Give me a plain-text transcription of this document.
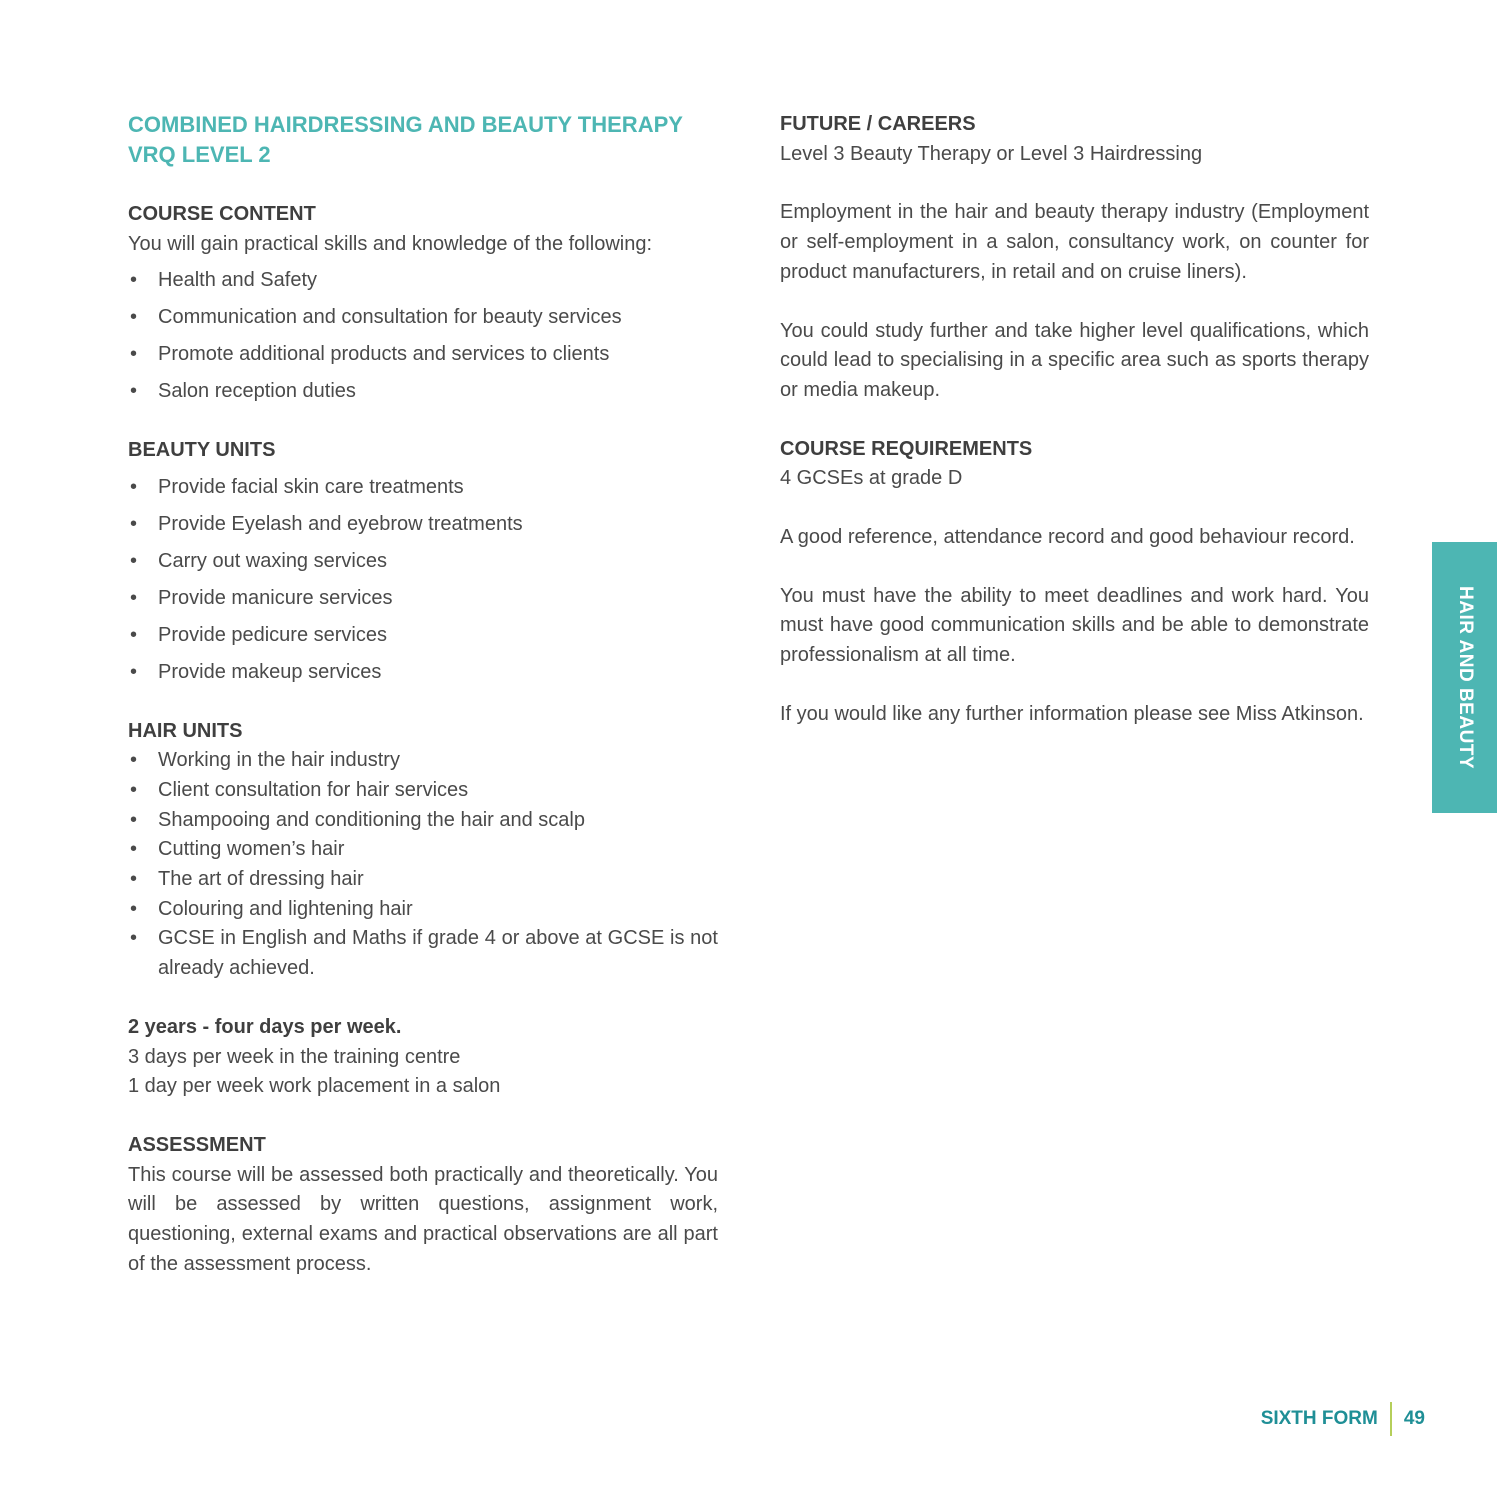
COMBINED HAIRDRESSING AND BEAUTY THERAPY
VRQ LEVEL 2

COURSE CONTENT

You will gain practical skills and knowledge of the following:

• Health and Safety
• Communication and consultation for beauty services
• Promote additional products and services to clients
• Salon reception duties

BEAUTY UNITS

• Provide facial skin care treatments
• Provide Eyelash and eyebrow treatments
• Carry out waxing services
• Provide manicure services
• Provide pedicure services
• Provide makeup services

HAIR UNITS

• Working in the hair industry
• Client consultation for hair services
• Shampooing and conditioning the hair and scalp
• Cutting women’s hair
• The art of dressing hair
• Colouring and lightening hair
• GCSE in English and Maths if grade 4 or above at GCSE is not already achieved.

2 years - four days per week.

3 days per week in the training centre

1 day per week work placement in a salon

ASSESSMENT

This course will be assessed both practically and theoretically. You will be assessed by written questions, assignment work, questioning, external exams and practical observations are all part of the assessment process.

FUTURE / CAREERS

Level 3 Beauty Therapy or Level 3 Hairdressing

Employment in the hair and beauty therapy industry (Employment or self-employment in a salon, consultancy work, on counter for product manufacturers, in retail and on cruise liners).

You could study further and take higher level qualifications, which could lead to specialising in a specific area such as sports therapy or media makeup.

COURSE REQUIREMENTS

4 GCSEs at grade D

A good reference, attendance record and good behaviour record.

You must have the ability to meet deadlines and work hard. You must have good communication skills and be able to demonstrate professionalism at all time.

If you would like any further information please see Miss Atkinson.	HAIR AND BEAUTY
SIXTH FORM 49
